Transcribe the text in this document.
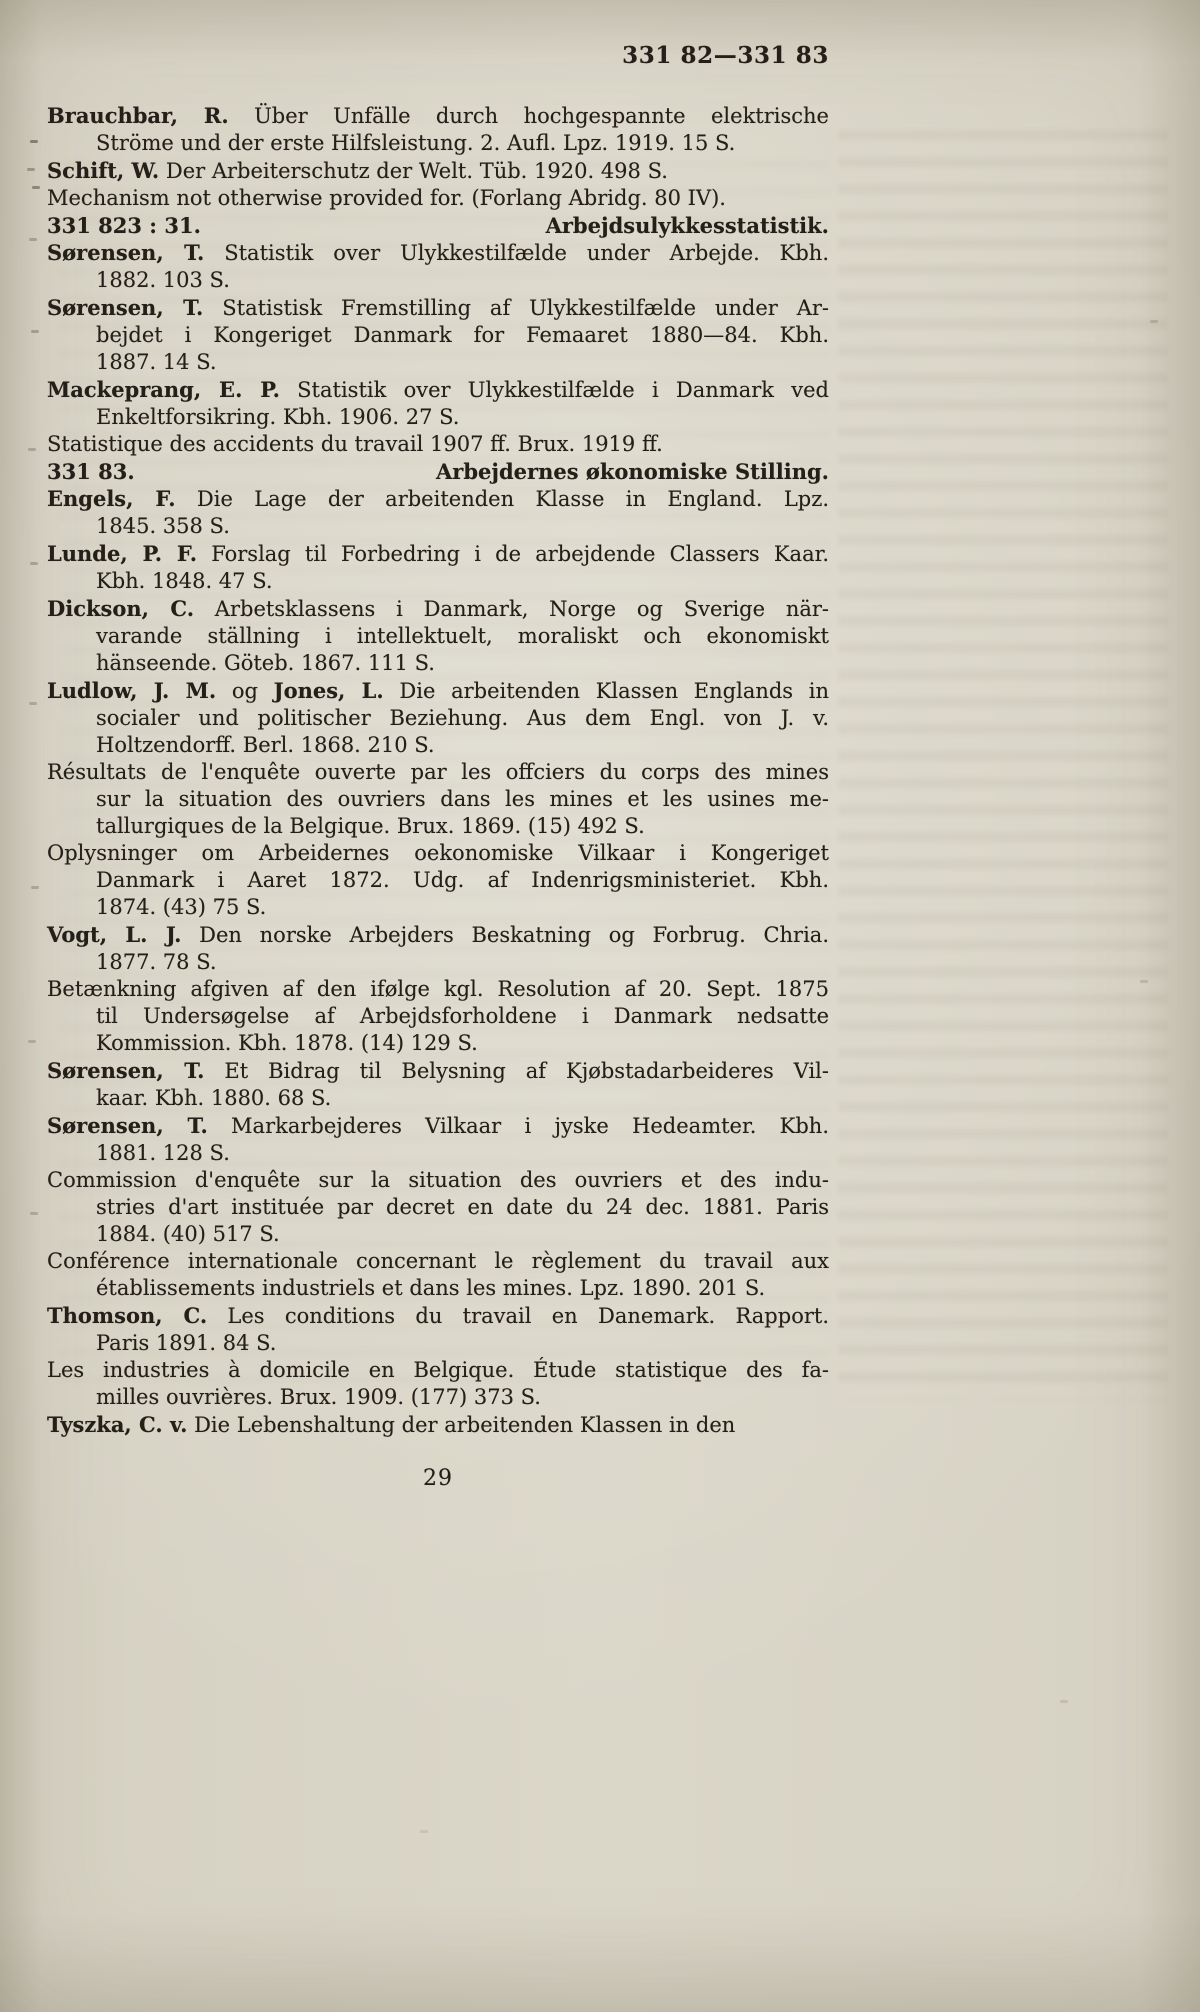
331 82—331 83
Brauchbar, R. Über Unfälle durch hochgespannte elektrische
Ströme und der erste Hilfsleistung. 2. Aufl. Lpz. 1919. 15 S.
Schift, W. Der Arbeiterschutz der Welt. Tüb. 1920. 498 S.
Mechanism not otherwise provided for. (Forlang Abridg. 80 IV).
331 823 : 31.	Arbejdsulykkesstatistik.
Sørensen, T. Statistik over Ulykkestilfælde under Arbejde. Kbh.
1882. 103 S.
Sørensen, T. Statistisk Fremstilling af Ulykkestilfælde under Ar-
bejdet i Kongeriget Danmark for Femaaret 1880—84. Kbh.
1887. 14 S.
Mackeprang, E. P. Statistik over Ulykkestilfælde i Danmark ved
Enkeltforsikring. Kbh. 1906. 27 S.
Statistique des accidents du travail 1907 ff. Brux. 1919 ff.
331 83.	Arbejdernes økonomiske Stilling.
Engels, F. Die Lage der arbeitenden Klasse in England. Lpz.
1845. 358 S.
Lunde, P. F. Forslag til Forbedring i de arbejdende Classers Kaar.
Kbh. 1848. 47 S.
Dickson, C. Arbetsklassens i Danmark, Norge og Sverige när-
varande ställning i intellektuelt, moraliskt och ekonomiskt
hänseende. Göteb. 1867. 111 S.
Ludlow, J. M. og Jones, L. Die arbeitenden Klassen Englands in
socialer und politischer Beziehung. Aus dem Engl. von J. v.
Holtzendorff. Berl. 1868. 210 S.
Résultats de l'enquête ouverte par les offciers du corps des mines
sur la situation des ouvriers dans les mines et les usines me-
tallurgiques de la Belgique. Brux. 1869. (15) 492 S.
Oplysninger om Arbeidernes oekonomiske Vilkaar i Kongeriget
Danmark i Aaret 1872. Udg. af Indenrigsministeriet. Kbh.
1874. (43) 75 S.
Vogt, L. J. Den norske Arbejders Beskatning og Forbrug. Chria.
1877. 78 S.
Betænkning afgiven af den ifølge kgl. Resolution af 20. Sept. 1875
til Undersøgelse af Arbejdsforholdene i Danmark nedsatte
Kommission. Kbh. 1878. (14) 129 S.
Sørensen, T. Et Bidrag til Belysning af Kjøbstadarbeideres Vil-
kaar. Kbh. 1880. 68 S.
Sørensen, T. Markarbejderes Vilkaar i jyske Hedeamter. Kbh.
1881. 128 S.
Commission d'enquête sur la situation des ouvriers et des indu-
stries d'art instituée par decret en date du 24 dec. 1881. Paris
1884. (40) 517 S.
Conférence internationale concernant le règlement du travail aux
établissements industriels et dans les mines. Lpz. 1890. 201 S.
Thomson, C. Les conditions du travail en Danemark. Rapport.
Paris 1891. 84 S.
Les industries à domicile en Belgique. Étude statistique des fa-
milles ouvrières. Brux. 1909. (177) 373 S.
Tyszka, C. v. Die Lebenshaltung der arbeitenden Klassen in den
29
